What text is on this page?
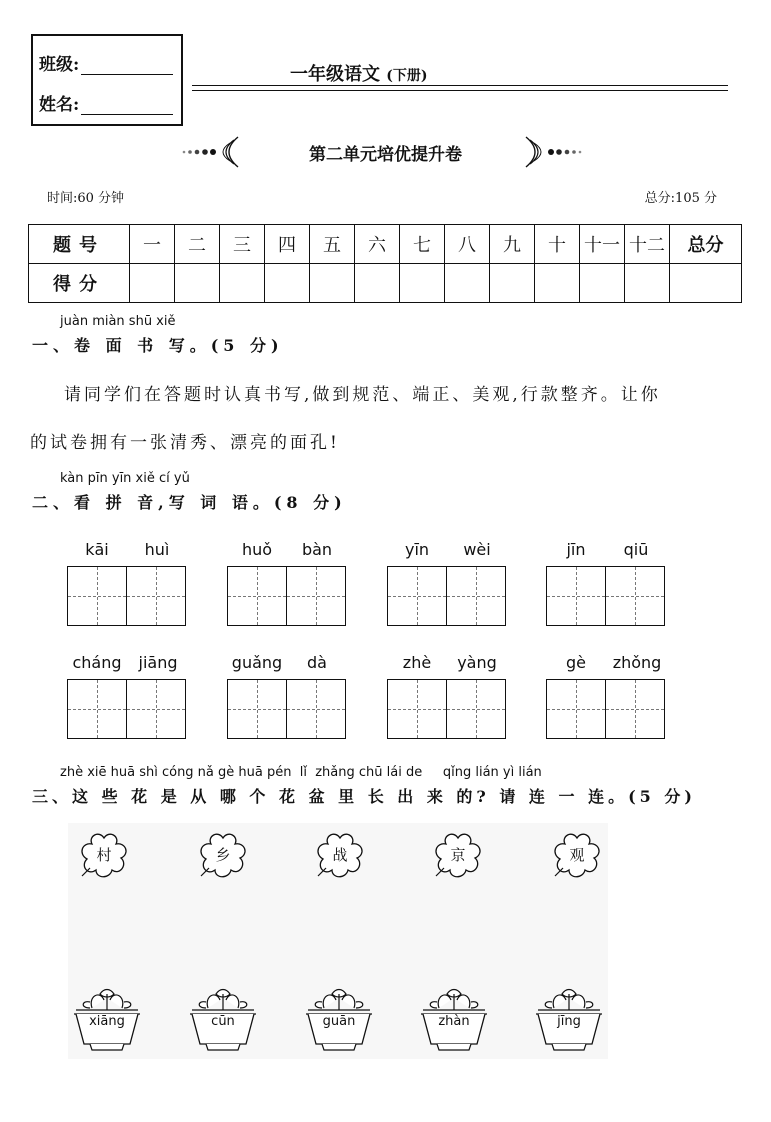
班级:
姓名:
一年级语文 (下册)
第二单元培优提升卷
时间:60 分钟	总分:105 分
题号	一	二	三	四	五	六	七	八	九	十	十一	十二	总分
得分													
juàn miàn shū xiě
一、卷 面 书 写。(5 分)
请同学们在答题时认真书写,做到规范、端正、美观,行款整齐。让你
的试卷拥有一张清秀、漂亮的面孔!
kàn pīn yīn xiě cí yǔ
二、看 拼 音,写 词 语。(8 分)
kāi	huì	huǒ	bàn	yīn	wèi	jīn	qiū
cháng	jiāng	guǎng	dà	zhè	yàng	gè	zhǒng
zhè xiē huā shì cóng nǎ gè huā pén  lǐ  zhǎng chū lái de     qǐng lián yì lián
三、这 些 花 是 从 哪 个 花 盆 里 长 出 来 的? 请 连 一 连。(5 分)
村	乡	战	京	观
xiāng	cūn	guān	zhàn	jīng
